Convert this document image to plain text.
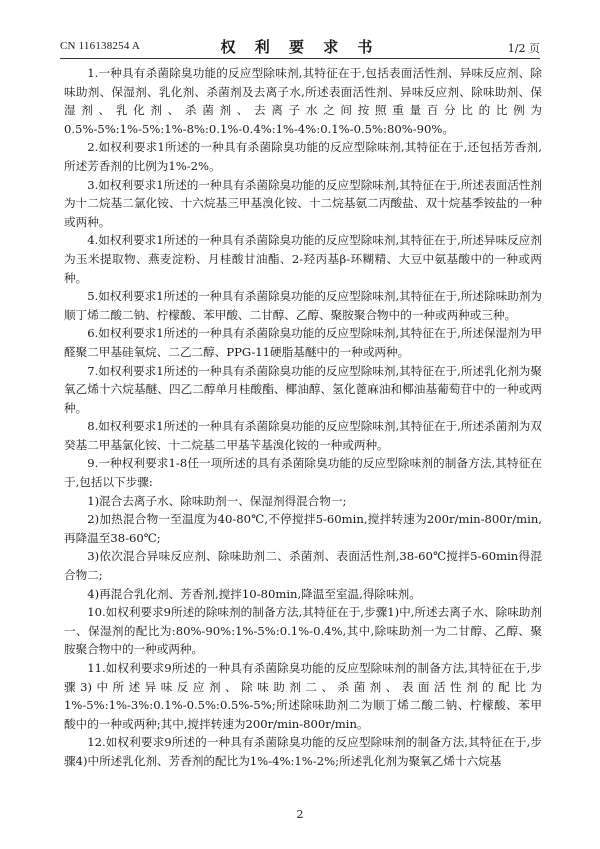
CN 116138254 A	权 利 要 求 书	1/2 页

1.一种具有杀菌除臭功能的反应型除味剂,其特征在于,包括表面活性剂、异味反应剂、除味助剂、保湿剂、乳化剂、杀菌剂及去离子水,所述表面活性剂、异味反应剂、除味助剂、保湿剂、乳化剂、杀菌剂、去离子水之间按照重量百分比的比例为0.5%-5%:1%-5%:1%-8%:0.1%-0.4%:1%-4%:0.1%-0.5%:80%-90%。

2.如权利要求1所述的一种具有杀菌除臭功能的反应型除味剂,其特征在于,还包括芳香剂,所述芳香剂的比例为1%-2%。

3.如权利要求1所述的一种具有杀菌除臭功能的反应型除味剂,其特征在于,所述表面活性剂为十二烷基二氯化铵、十六烷基三甲基溴化铵、十二烷基氨二丙酸盐、双十烷基季铵盐的一种或两种。

4.如权利要求1所述的一种具有杀菌除臭功能的反应型除味剂,其特征在于,所述异味反应剂为玉米提取物、燕麦淀粉、月桂酸甘油酯、2-羟丙基β-环糊精、大豆中氨基酸中的一种或两种。

5.如权利要求1所述的一种具有杀菌除臭功能的反应型除味剂,其特征在于,所述除味助剂为顺丁烯二酸二钠、柠檬酸、苯甲酸、二甘醇、乙醇、聚胺聚合物中的一种或两种或三种。

6.如权利要求1所述的一种具有杀菌除臭功能的反应型除味剂,其特征在于,所述保湿剂为甲醛聚二甲基硅氧烷、二乙二醇、PPG-11硬脂基醚中的一种或两种。

7.如权利要求1所述的一种具有杀菌除臭功能的反应型除味剂,其特征在于,所述乳化剂为聚氧乙烯十六烷基醚、四乙二醇单月桂酸酯、椰油醇、氢化蓖麻油和椰油基葡萄苷中的一种或两种。

8.如权利要求1所述的一种具有杀菌除臭功能的反应型除味剂,其特征在于,所述杀菌剂为双癸基二甲基氯化铵、十二烷基二甲基苄基溴化铵的一种或两种。

9.一种权利要求1-8任一项所述的具有杀菌除臭功能的反应型除味剂的制备方法,其特征在于,包括以下步骤:

1)混合去离子水、除味助剂一、保湿剂得混合物一;

2)加热混合物一至温度为40-80℃,不停搅拌5-60min,搅拌转速为200r/min-800r/min,再降温至38-60℃;

3)依次混合异味反应剂、除味助剂二、杀菌剂、表面活性剂,38-60℃搅拌5-60min得混合物二;

4)再混合乳化剂、芳香剂,搅拌10-80min,降温至室温,得除味剂。

10.如权利要求9所述的除味剂的制备方法,其特征在于,步骤1)中,所述去离子水、除味助剂一、保湿剂的配比为:80%-90%:1%-5%:0.1%-0.4%,其中,除味助剂一为二甘醇、乙醇、聚胺聚合物中的一种或两种。

11.如权利要求9所述的一种具有杀菌除臭功能的反应型除味剂的制备方法,其特征在于,步骤3)中所述异味反应剂、除味助剂二、杀菌剂、表面活性剂的配比为1%-5%:1%-3%:0.1%-0.5%:0.5%-5%;所述除味助剂二为顺丁烯二酸二钠、柠檬酸、苯甲酸中的一种或两种;其中,搅拌转速为200r/min-800r/min。

12.如权利要求9所述的一种具有杀菌除臭功能的反应型除味剂的制备方法,其特征在于,步骤4)中所述乳化剂、芳香剂的配比为1%-4%:1%-2%;所述乳化剂为聚氧乙烯十六烷基

2
